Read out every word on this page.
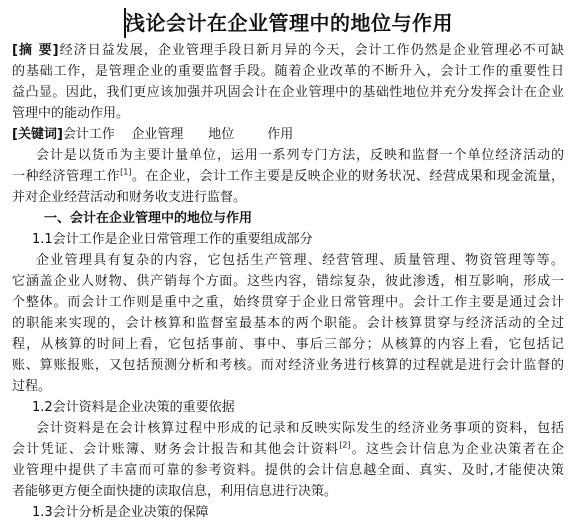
浅论会计在企业管理中的地位与作用
[摘 要]经济日益发展，企业管理手段日新月异的今天，会计工作仍然是企业管理必不可缺
的基础工作，是管理企业的重要监督手段。随着企业改革的不断升入，会计工作的重要性日
益凸显。因此，我们更应该加强并巩固会计在企业管理中的基础性地位并充分发挥会计在企业
管理中的能动作用。
[关键词]会计工作    企业管理      地位        作用
会计是以货币为主要计量单位，运用一系列专门方法，反映和监督一个单位经济活动的
一种经济管理工作[1]。在企业，会计工作主要是反映企业的财务状况、经营成果和现金流量，
并对企业经营活动和财务收支进行监督。
一、会计在企业管理中的地位与作用
1.1会计工作是企业日常管理工作的重要组成部分
企业管理具有复杂的内容，它包括生产管理、经营管理、质量管理、物资管理等等。
它涵盖企业人财物、供产销每个方面。这些内容，错综复杂，彼此渗透，相互影响，形成一
个整体。而会计工作则是重中之重，始终贯穿于企业日常管理中。会计工作主要是通过会计
的职能来实现的，会计核算和监督室最基本的两个职能。会计核算贯穿与经济活动的全过
程，从核算的时间上看，它包括事前、事中、事后三部分；从核算的内容上看，它包括记
账、算账报账，又包括预测分析和考核。而对经济业务进行核算的过程就是进行会计监督的
过程。
1.2会计资料是企业决策的重要依据
会计资料是在会计核算过程中形成的记录和反映实际发生的经济业务事项的资料，包括
会计凭证、会计账簿、财务会计报告和其他会计资料[2]。这些会计信息为企业决策者在企
业管理中提供了丰富而可靠的参考资料。提供的会计信息越全面、真实、及时,才能使决策
者能够更方便全面快捷的读取信息，利用信息进行决策。
1.3会计分析是企业决策的保障
